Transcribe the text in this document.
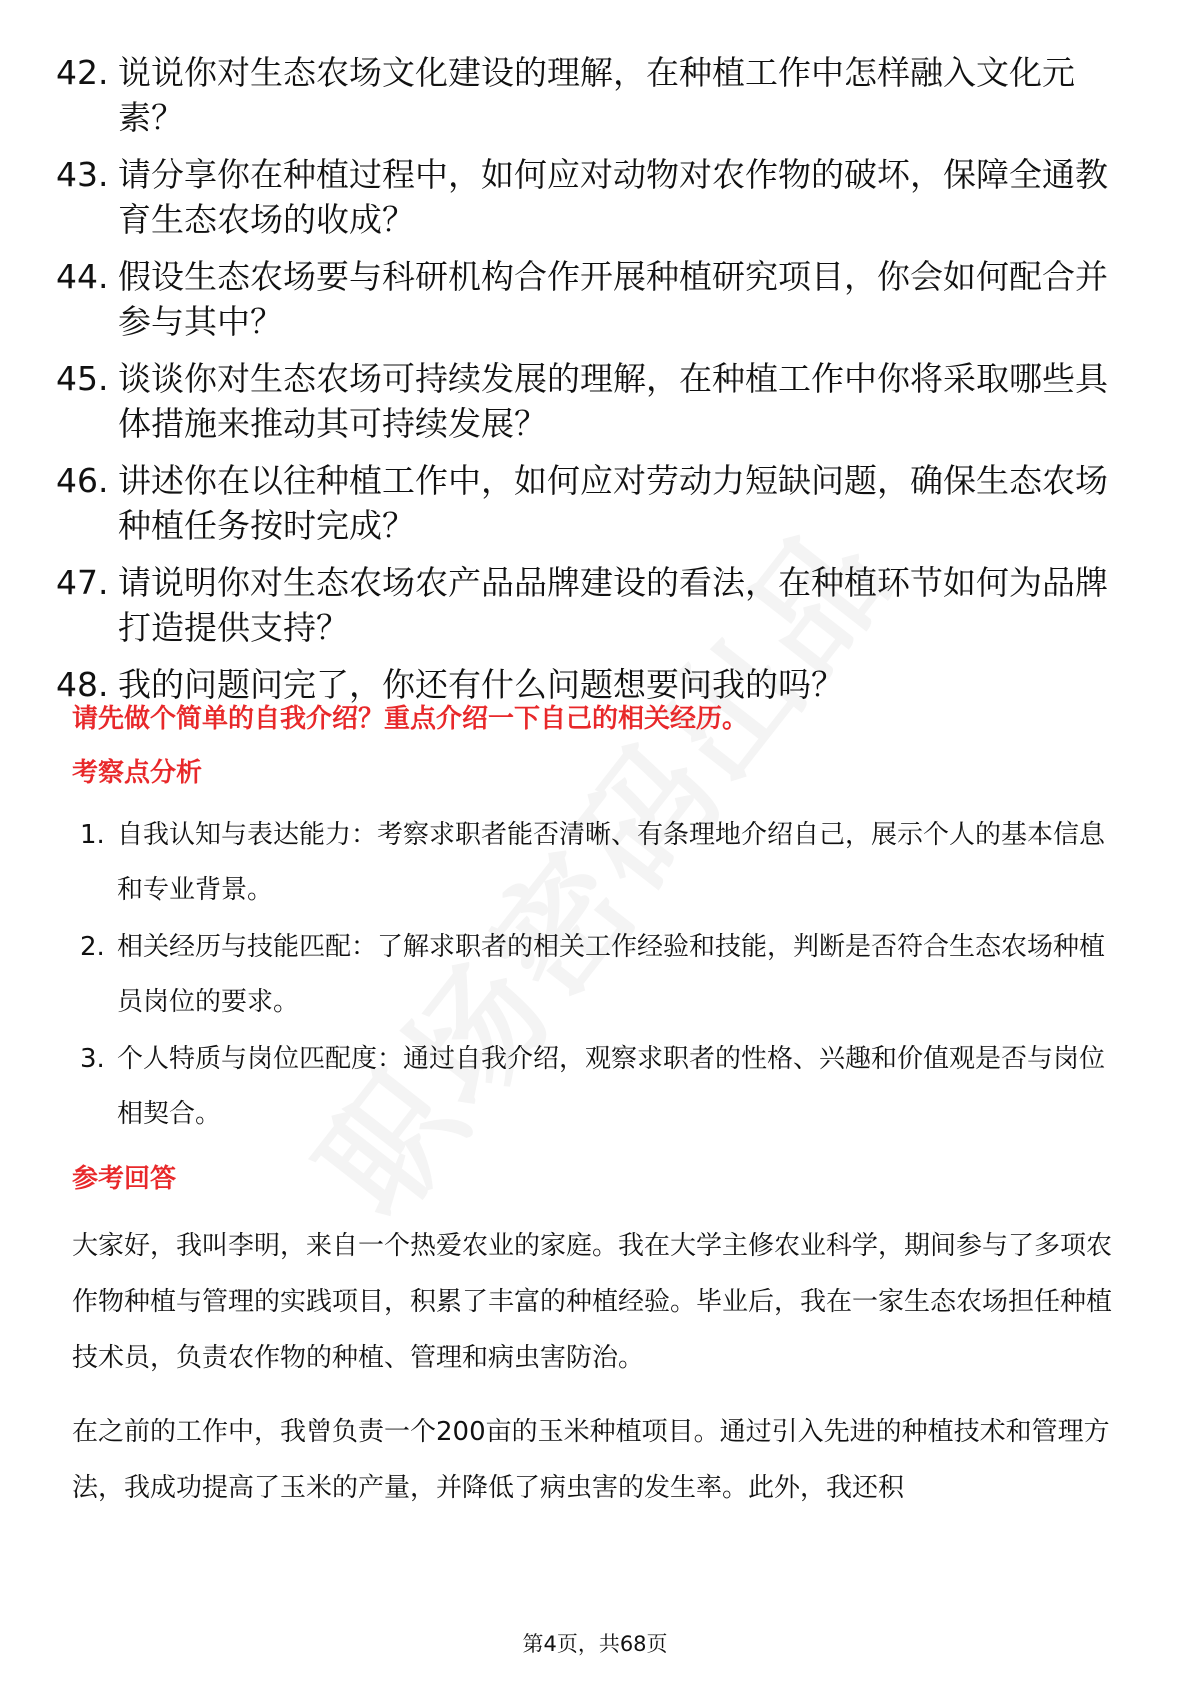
42. 说说你对生态农场文化建设的理解，在种植工作中怎样融入文化元素？
43. 请分享你在种植过程中，如何应对动物对农作物的破坏，保障全通教育生态农场的收成？
44. 假设生态农场要与科研机构合作开展种植研究项目，你会如何配合并参与其中？
45. 谈谈你对生态农场可持续发展的理解，在种植工作中你将采取哪些具体措施来推动其可持续发展？
46. 讲述你在以往种植工作中，如何应对劳动力短缺问题，确保生态农场种植任务按时完成？
47. 请说明你对生态农场农产品品牌建设的看法，在种植环节如何为品牌打造提供支持？
48. 我的问题问完了，你还有什么问题想要问我的吗？
请先做个简单的自我介绍？重点介绍一下自己的相关经历。
考察点分析
1. 自我认知与表达能力：考察求职者能否清晰、有条理地介绍自己，展示个人的基本信息和专业背景。
2. 相关经历与技能匹配：了解求职者的相关工作经验和技能，判断是否符合生态农场种植员岗位的要求。
3. 个人特质与岗位匹配度：通过自我介绍，观察求职者的性格、兴趣和价值观是否与岗位相契合。
参考回答
大家好，我叫李明，来自一个热爱农业的家庭。我在大学主修农业科学，期间参与了多项农作物种植与管理的实践项目，积累了丰富的种植经验。毕业后，我在一家生态农场担任种植技术员，负责农作物的种植、管理和病虫害防治。
在之前的工作中，我曾负责一个200亩的玉米种植项目。通过引入先进的种植技术和管理方法，我成功提高了玉米的产量，并降低了病虫害的发生率。此外，我还积
第4页，共68页
